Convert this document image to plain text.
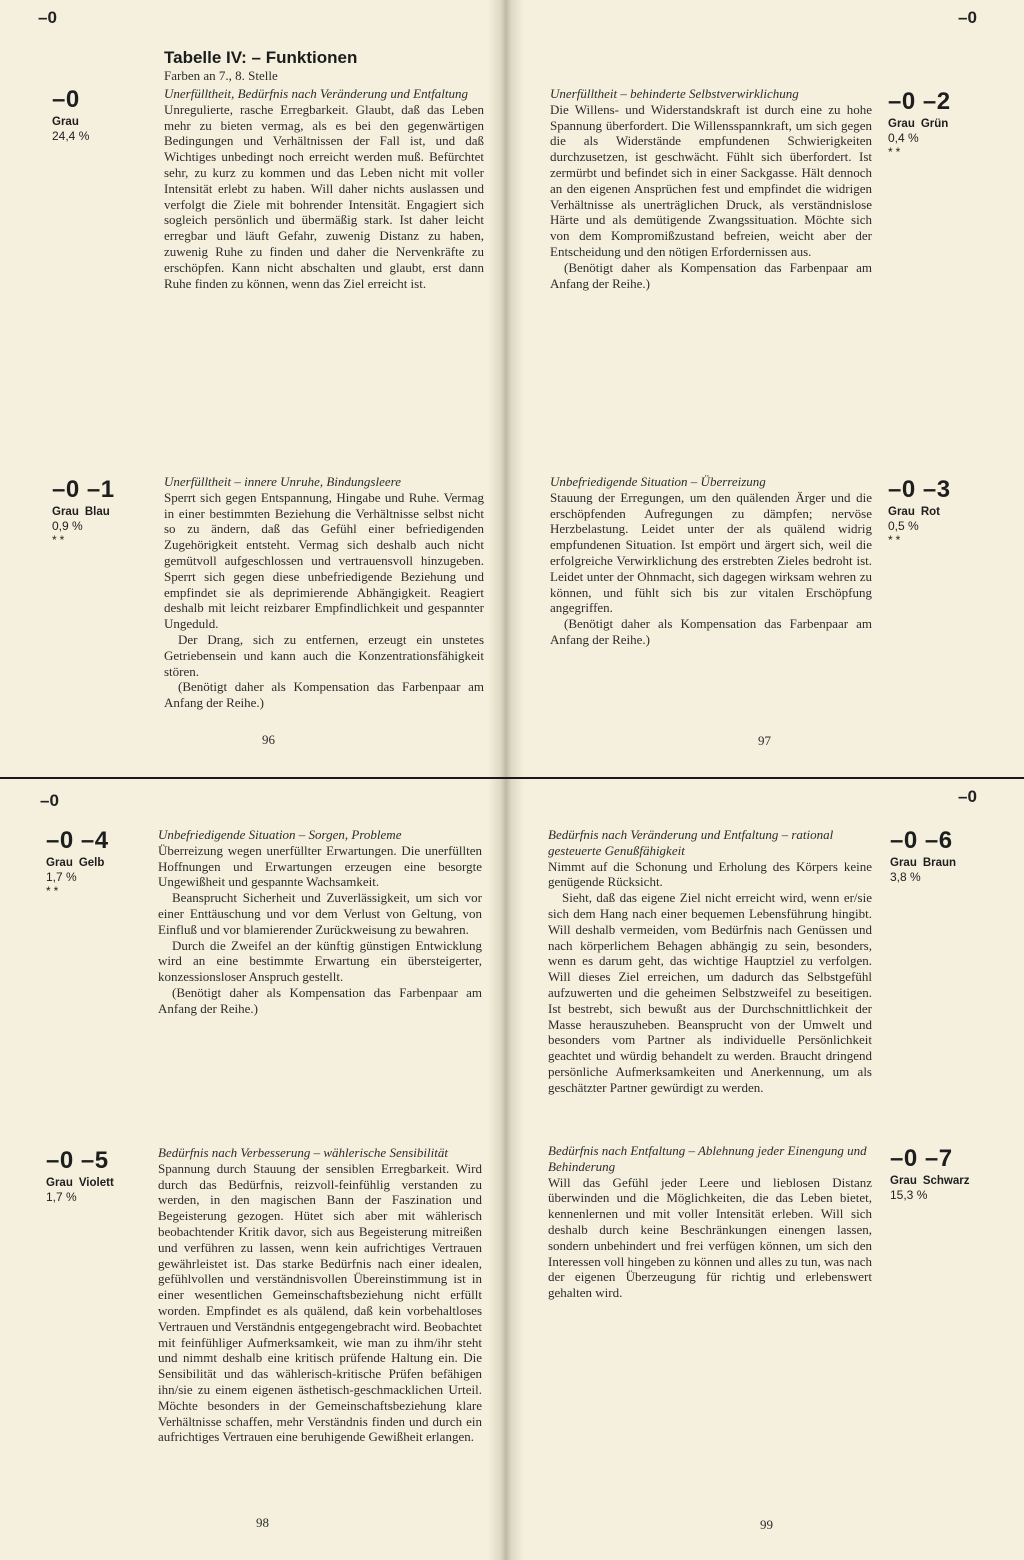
–0	–0
Tabelle IV: – Funktionen
Farben an 7., 8. Stelle
–0
Grau
24,4 %
Unerfülltheit, Bedürfnis nach Veränderung und Entfaltung

Unregulierte, rasche Erregbarkeit. Glaubt, daß das Leben mehr zu bieten vermag, als es bei den gegenwärtigen Bedingungen und Verhältnissen der Fall ist, und daß Wichtiges unbedingt noch erreicht werden muß. Befürchtet sehr, zu kurz zu kommen und das Leben nicht mit voller Intensität erlebt zu haben. Will daher nichts auslassen und verfolgt die Ziele mit bohrender Intensität. Engagiert sich sogleich persönlich und übermäßig stark. Ist daher leicht erregbar und läuft Gefahr, zuwenig Distanz zu haben, zuwenig Ruhe zu finden und daher die Nervenkräfte zu erschöpfen. Kann nicht abschalten und glaubt, erst dann Ruhe finden zu können, wenn das Ziel erreicht ist.

–0 –1
Grau Blau
0,9 %
**
Unerfülltheit – innere Unruhe, Bindungsleere

Sperrt sich gegen Entspannung, Hingabe und Ruhe. Vermag in einer bestimmten Beziehung die Verhältnisse selbst nicht so zu ändern, daß das Gefühl einer befriedigenden Zugehörigkeit entsteht. Vermag sich deshalb auch nicht gemütvoll aufgeschlossen und vertrauensvoll hinzugeben. Sperrt sich gegen diese unbefriedigende Beziehung und empfindet sie als deprimierende Abhängigkeit. Reagiert deshalb mit leicht reizbarer Empfindlichkeit und gespannter Ungeduld.

Der Drang, sich zu entfernen, erzeugt ein unstetes Getriebensein und kann auch die Konzentrationsfähigkeit stören.

(Benötigt daher als Kompensation das Farbenpaar am Anfang der Reihe.)

Unerfülltheit – behinderte Selbstverwirklichung

Die Willens- und Widerstandskraft ist durch eine zu hohe Spannung überfordert. Die Willensspannkraft, um sich gegen die als Widerstände empfundenen Schwierigkeiten durchzusetzen, ist geschwächt. Fühlt sich überfordert. Ist zermürbt und befindet sich in einer Sackgasse. Hält dennoch an den eigenen Ansprüchen fest und empfindet die widrigen Verhältnisse als unerträglichen Druck, als verständnislose Härte und als demütigende Zwangssituation. Möchte sich von dem Kompromißzustand befreien, weicht aber der Entscheidung und den nötigen Erfordernissen aus.

(Benötigt daher als Kompensation das Farbenpaar am Anfang der Reihe.)

–0 –2
Grau Grün
0,4 %
**
Unbefriedigende Situation – Überreizung

Stauung der Erregungen, um den quälenden Ärger und die erschöpfenden Aufregungen zu dämpfen; nervöse Herzbelastung. Leidet unter der als quälend widrig empfundenen Situation. Ist empört und ärgert sich, weil die erfolgreiche Verwirklichung des erstrebten Zieles bedroht ist. Leidet unter der Ohnmacht, sich dagegen wirksam wehren zu können, und fühlt sich bis zur vitalen Erschöpfung angegriffen.

(Benötigt daher als Kompensation das Farbenpaar am Anfang der Reihe.)

–0 –3
Grau Rot
0,5 %
**
96	97
–0	–0
–0 –4
Grau Gelb
1,7 %
**
Unbefriedigende Situation – Sorgen, Probleme

Überreizung wegen unerfüllter Erwartungen. Die unerfüllten Hoffnungen und Erwartungen erzeugen eine besorgte Ungewißheit und gespannte Wachsamkeit.

Beansprucht Sicherheit und Zuverlässigkeit, um sich vor einer Enttäuschung und vor dem Verlust von Geltung, von Einfluß und vor blamierender Zurückweisung zu bewahren.

Durch die Zweifel an der künftig günstigen Entwicklung wird an eine bestimmte Erwartung ein übersteigerter, konzessionsloser Anspruch gestellt.

(Benötigt daher als Kompensation das Farbenpaar am Anfang der Reihe.)

–0 –5
Grau Violett
1,7 %
Bedürfnis nach Verbesserung – wählerische Sensibilität

Spannung durch Stauung der sensiblen Erregbarkeit. Wird durch das Bedürfnis, reizvoll-feinfühlig verstanden zu werden, in den magischen Bann der Faszination und Begeisterung gezogen. Hütet sich aber mit wählerisch beobachtender Kritik davor, sich aus Begeisterung mitreißen und verführen zu lassen, wenn kein aufrichtiges Vertrauen gewährleistet ist. Das starke Bedürfnis nach einer idealen, gefühlvollen und verständnisvollen Übereinstimmung ist in einer wesentlichen Gemeinschaftsbeziehung nicht erfüllt worden. Empfindet es als quälend, daß kein vorbehaltloses Vertrauen und Verständnis entgegengebracht wird. Beobachtet mit feinfühliger Aufmerksamkeit, wie man zu ihm/ihr steht und nimmt deshalb eine kritisch prüfende Haltung ein. Die Sensibilität und das wählerisch-kritische Prüfen befähigen ihn/sie zu einem eigenen ästhetisch-geschmacklichen Urteil. Möchte besonders in der Gemeinschaftsbeziehung klare Verhältnisse schaffen, mehr Verständnis finden und durch ein aufrichtiges Vertrauen eine beruhigende Gewißheit erlangen.

Bedürfnis nach Veränderung und Entfaltung – rational gesteuerte Genußfähigkeit

Nimmt auf die Schonung und Erholung des Körpers keine genügende Rücksicht.

Sieht, daß das eigene Ziel nicht erreicht wird, wenn er/sie sich dem Hang nach einer bequemen Lebensführung hingibt. Will deshalb vermeiden, vom Bedürfnis nach Genüssen und nach körperlichem Behagen abhängig zu sein, besonders, wenn es darum geht, das wichtige Hauptziel zu verfolgen. Will dieses Ziel erreichen, um dadurch das Selbstgefühl aufzuwerten und die geheimen Selbstzweifel zu beseitigen. Ist bestrebt, sich bewußt aus der Durchschnittlichkeit der Masse herauszuheben. Beansprucht von der Umwelt und besonders vom Partner als individuelle Persönlichkeit geachtet und würdig behandelt zu werden. Braucht dringend persönliche Aufmerksamkeiten und Anerkennung, um als geschätzter Partner gewürdigt zu werden.

–0 –6
Grau Braun
3,8 %
Bedürfnis nach Entfaltung – Ablehnung jeder Einengung und Behinderung

Will das Gefühl jeder Leere und lieblosen Distanz überwinden und die Möglichkeiten, die das Leben bietet, kennenlernen und mit voller Intensität erleben. Will sich deshalb durch keine Beschränkungen einengen lassen, sondern unbehindert und frei verfügen können, um sich den Interessen voll hingeben zu können und alles zu tun, was nach der eigenen Überzeugung für richtig und erlebenswert gehalten wird.

–0 –7
Grau Schwarz
15,3 %
98	99
